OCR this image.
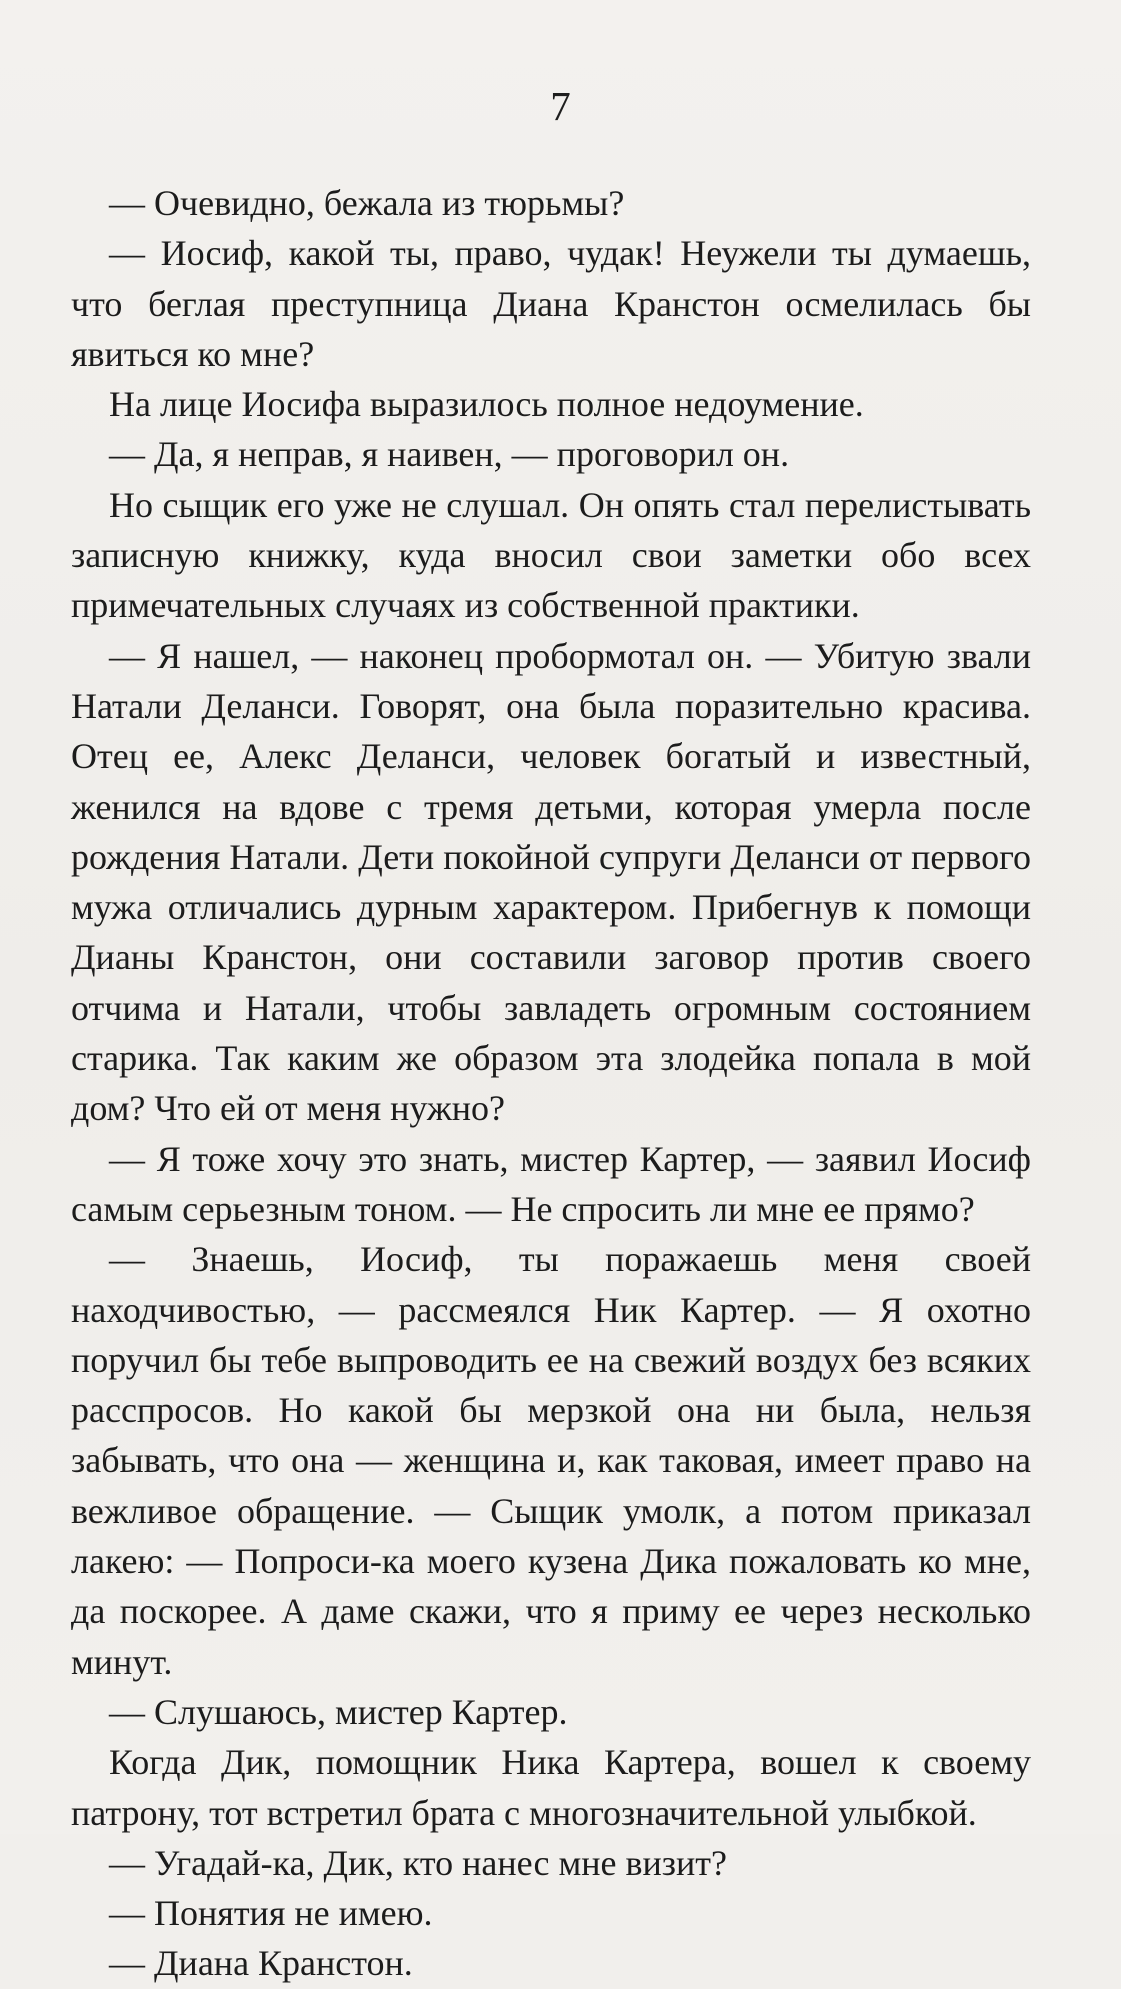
7

— Очевидно, бежала из тюрьмы?

— Иосиф, какой ты, право, чудак! Неужели ты думаешь, что беглая преступница Диана Кранстон осмелилась бы явиться ко мне?

На лице Иосифа выразилось полное недоумение.

— Да, я неправ, я наивен, — проговорил он.

Но сыщик его уже не слушал. Он опять стал перелистывать записную книжку, куда вносил свои заметки обо всех примечательных случаях из собственной практики.

— Я нашел, — наконец пробормотал он. — Убитую звали Натали Деланси. Говорят, она была поразительно красива. Отец ее, Алекс Деланси, человек богатый и известный, женился на вдове с тремя детьми, которая умерла после рождения Натали. Дети покойной супруги Деланси от первого мужа отличались дурным характером. Прибегнув к помощи Дианы Кранстон, они составили заговор против своего отчима и Натали, чтобы завладеть огромным состоянием старика. Так каким же образом эта злодейка попала в мой дом? Что ей от меня нужно?

— Я тоже хочу это знать, мистер Картер, — заявил Иосиф самым серьезным тоном. — Не спросить ли мне ее прямо?

— Знаешь, Иосиф, ты поражаешь меня своей находчивостью, — рассмеялся Ник Картер. — Я охотно поручил бы тебе выпроводить ее на свежий воздух без всяких расспросов. Но какой бы мерзкой она ни была, нельзя забывать, что она — женщина и, как таковая, имеет право на вежливое обращение. — Сыщик умолк, а потом приказал лакею: — Попроси-ка моего кузена Дика пожаловать ко мне, да поскорее. А даме скажи, что я приму ее через несколько минут.

— Слушаюсь, мистер Картер.

Когда Дик, помощник Ника Картера, вошел к своему патрону, тот встретил брата с многозначительной улыбкой.

— Угадай-ка, Дик, кто нанес мне визит?

— Понятия не имею.

— Диана Кранстон.
